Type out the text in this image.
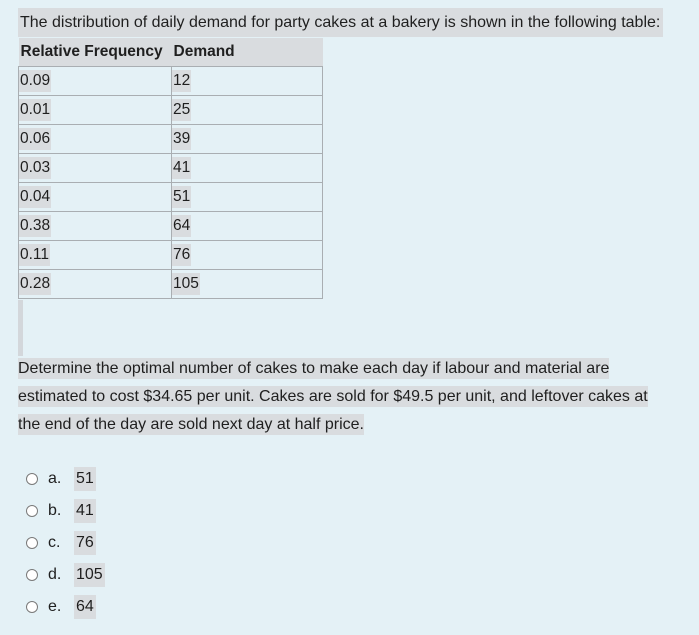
The distribution of daily demand for party cakes at a bakery is shown in the following table:
Relative Frequency	Demand
0.09	12
0.01	25
0.06	39
0.03	41
0.04	51
0.38	64
0.11	76
0.28	105
Determine the optimal number of cakes to make each day if labour and material are estimated to cost $34.65 per unit. Cakes are sold for $49.5 per unit, and leftover cakes at the end of the day are sold next day at half price.
a. 51
b. 41
c. 76
d. 105
e. 64
